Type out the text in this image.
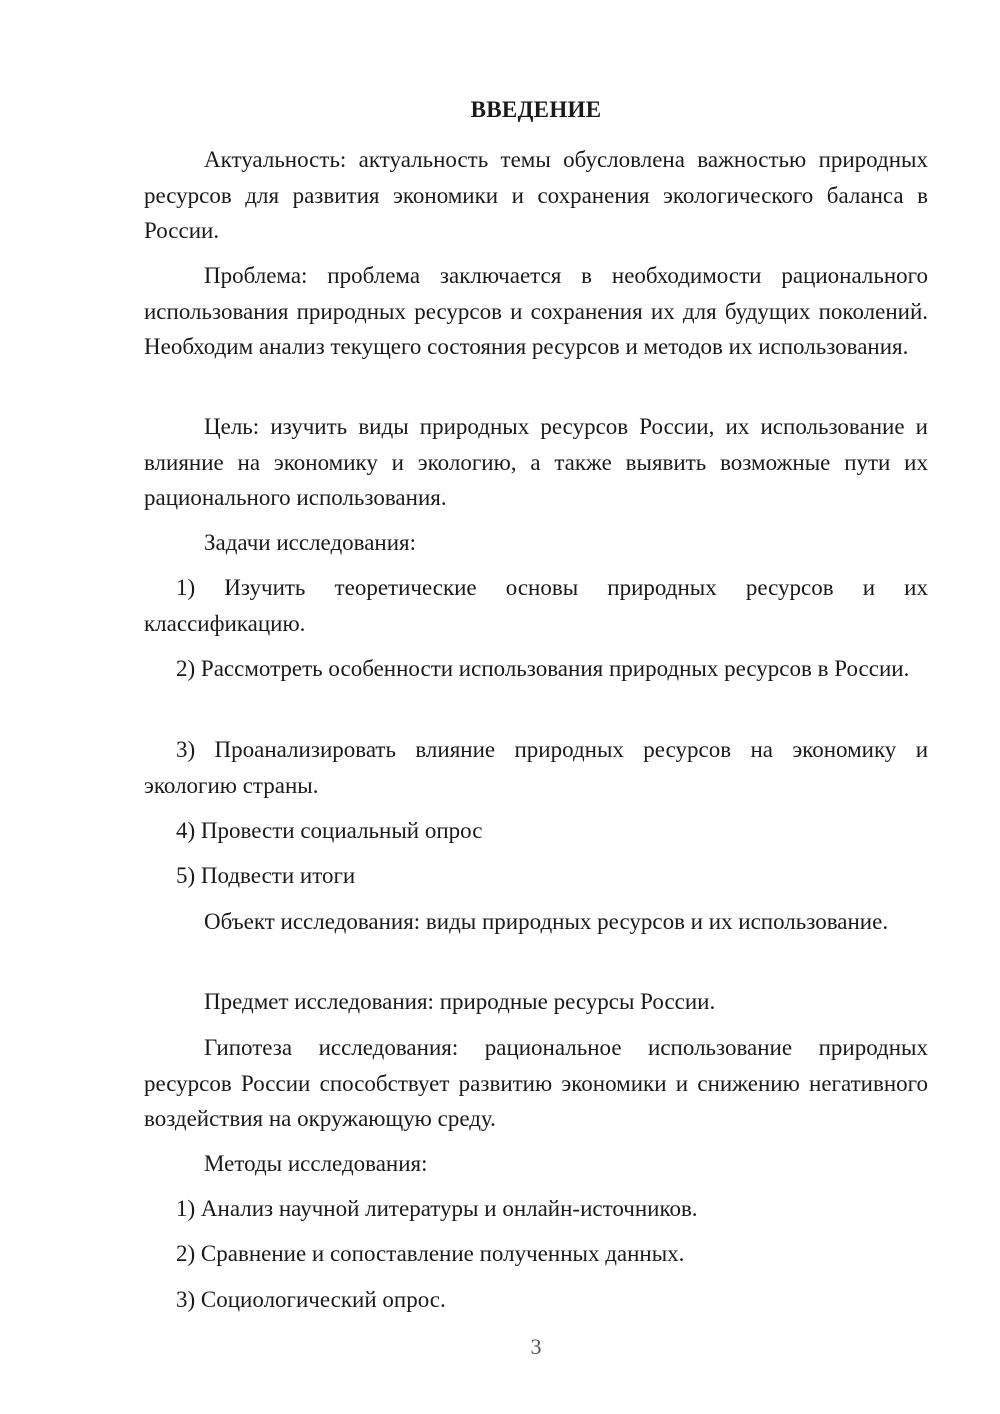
ВВЕДЕНИЕ

Актуальность: актуальность темы обусловлена важностью природных ресурсов для развития экономики и сохранения экологического баланса в России.

Проблема: проблема заключается в необходимости рационального использования природных ресурсов и сохранения их для будущих поколений. Необходим анализ текущего состояния ресурсов и методов их использования.

Цель: изучить виды природных ресурсов России, их использование и влияние на экономику и экологию, а также выявить возможные пути их рационального использования.

Задачи исследования:

1) Изучить теоретические основы природных ресурсов и их классификацию.

2) Рассмотреть особенности использования природных ресурсов в России.

3) Проанализировать влияние природных ресурсов на экономику и экологию страны.

4) Провести социальный опрос

5) Подвести итоги

Объект исследования: виды природных ресурсов и их использование.

Предмет исследования: природные ресурсы России.

Гипотеза исследования: рациональное использование природных ресурсов России способствует развитию экономики и снижению негативного воздействия на окружающую среду.

Методы исследования:

1) Анализ научной литературы и онлайн-источников.

2) Сравнение и сопоставление полученных данных.

3) Социологический опрос.

3
